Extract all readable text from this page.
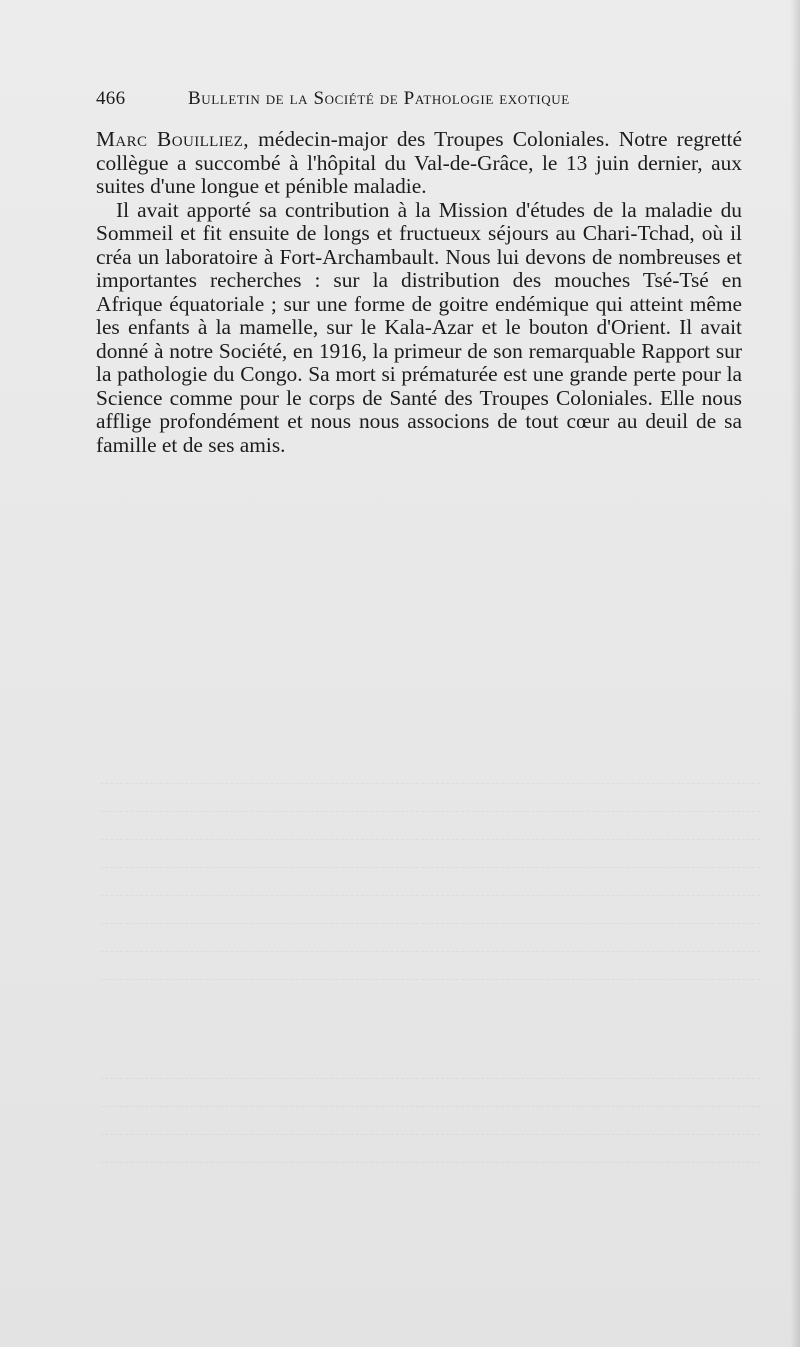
466	Bulletin de la Société de Pathologie exotique

Marc Bouilliez, médecin-major des Troupes Coloniales. Notre regretté collègue a succombé à l'hôpital du Val-de-Grâce, le 13 juin dernier, aux suites d'une longue et pénible maladie.

Il avait apporté sa contribution à la Mission d'études de la maladie du Sommeil et fit ensuite de longs et fructueux séjours au Chari-Tchad, où il créa un laboratoire à Fort-Archambault. Nous lui devons de nombreuses et importantes recherches : sur la distribution des mouches Tsé-Tsé en Afrique équatoriale ; sur une forme de goitre endémique qui atteint même les enfants à la mamelle, sur le Kala-Azar et le bouton d'Orient. Il avait donné à notre Société, en 1916, la primeur de son remarquable Rapport sur la pathologie du Congo. Sa mort si prématurée est une grande perte pour la Science comme pour le corps de Santé des Troupes Coloniales. Elle nous afflige profondément et nous nous associons de tout cœur au deuil de sa famille et de ses amis.
